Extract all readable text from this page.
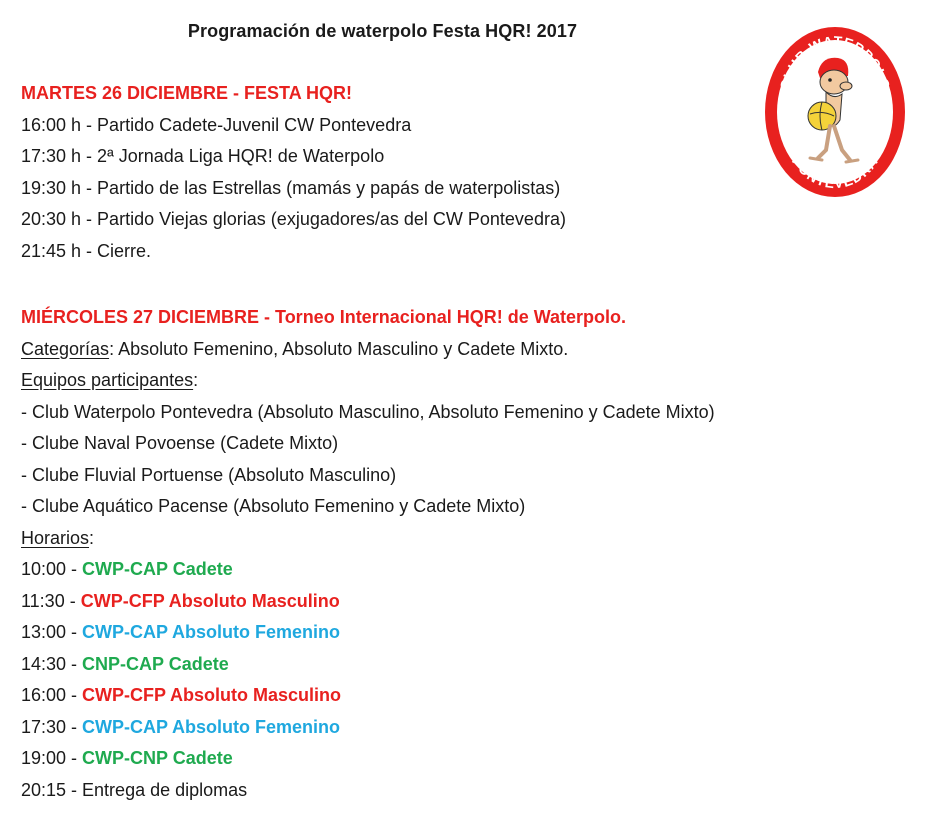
Programación de waterpolo Festa HQR! 2017
CLUB WATERPOLO
PONTEVEDRA
MARTES 26 DICIEMBRE - FESTA HQR!
16:00 h - Partido Cadete-Juvenil CW Pontevedra
17:30 h - 2ª Jornada Liga HQR! de Waterpolo
19:30 h - Partido de las Estrellas (mamás y papás de waterpolistas)
20:30 h - Partido Viejas glorias (exjugadores/as del CW Pontevedra)
21:45 h - Cierre.
MIÉRCOLES 27 DICIEMBRE - Torneo Internacional HQR! de Waterpolo.
Categorías: Absoluto Femenino, Absoluto Masculino y Cadete Mixto.
Equipos participantes:
- Club Waterpolo Pontevedra (Absoluto Masculino, Absoluto Femenino y Cadete Mixto)
- Clube Naval Povoense (Cadete Mixto)
- Clube Fluvial Portuense (Absoluto Masculino)
- Clube Aquático Pacense (Absoluto Femenino y Cadete Mixto)
Horarios:
10:00 - CWP-CAP Cadete
11:30 - CWP-CFP Absoluto Masculino
13:00 - CWP-CAP Absoluto Femenino
14:30 - CNP-CAP Cadete
16:00 - CWP-CFP Absoluto Masculino
17:30 - CWP-CAP Absoluto Femenino
19:00 - CWP-CNP Cadete
20:15 - Entrega de diplomas
